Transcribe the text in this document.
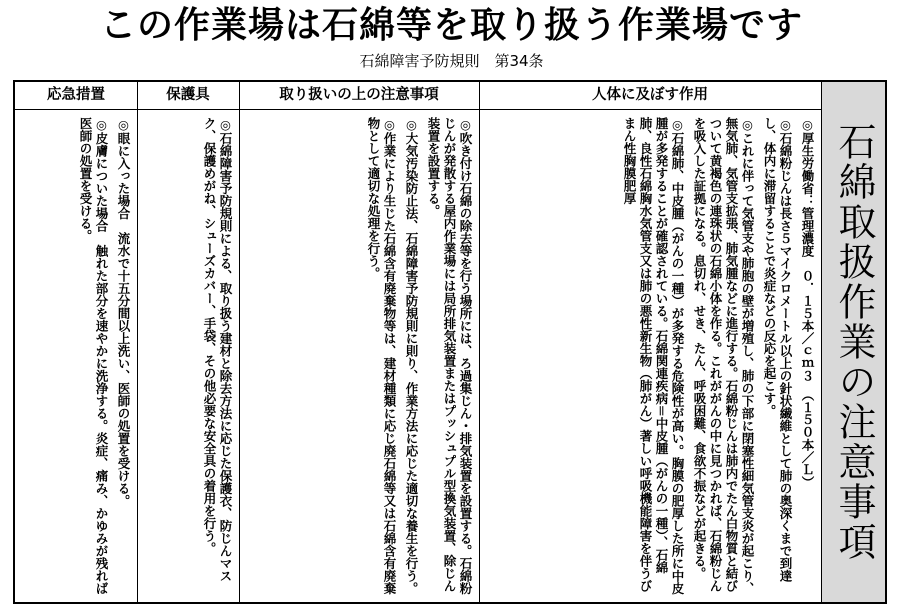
この作業場は石綿等を取り扱う作業場です
石綿障害予防規則　第34条
応急措置

◎眼に入った場合　流水で十五分間以上洗い、医師の処置を受ける。

◎皮膚についた場合　触れた部分を速やかに洗浄する。炎症、痛み、かゆみが残れば医師の処置を受ける。

保護具

◎石綿障害予防規則による、取り扱う建材と除去方法に応じた保護衣、防じんマスク、保護めがね、シューズカバー、手袋、その他必要な安全具の着用を行う。

取り扱いの上の注意事項

◎吹き付け石綿の除去等を行う場所には、ろ過集じん・排気装置を設置する。石綿粉じんが発散する屋内作業場には局所排気装置またはプッシュプル型換気装置、除じん装置を設置する。

◎大気汚染防止法、石綿障害予防規則に則り、作業方法に応じた適切な養生を行う。

◎作業により生じた石綿含有廃棄物等は、建材種類に応じ廃石綿等又は石綿含有廃棄物として適切な処理を行う。

人体に及ぼす作用

◎厚生労働省：管理濃度　０．１５本／ｃｍ３　（１５０本／Ｌ）

◎石綿粉じんは長さ５マイクロメートル以上の針状繊維として肺の奥深くまで到達し、体内に滞留することで炎症などの反応を起こす。

◎これに伴って気管支や肺胞の壁が増殖し、肺の下部に閉塞性細気管支炎が起こり、無気肺、気管支拡張、肺気腫などに進行する。石綿粉じんは肺内でたん白物質と結びついて黄褐色の連珠状の石綿小体を作る。これががんの中に見つかれば、石綿粉じんを吸入した証拠になる。息切れ、せき、たん、呼吸困難、食欲不振などが起きる。

◎石綿肺、中皮腫（がんの一種）が多発する危険性が高い。胸膜の肥厚した所に中皮腫が多発することが確認されている。石綿関連疾病＝中皮腫（がんの一種）、石綿肺、良性石綿胸水気管支又は肺の悪性新生物（肺がん）著しい呼吸機能障害を伴うびまん性胸膜肥厚	石綿取扱作業の注意事項
